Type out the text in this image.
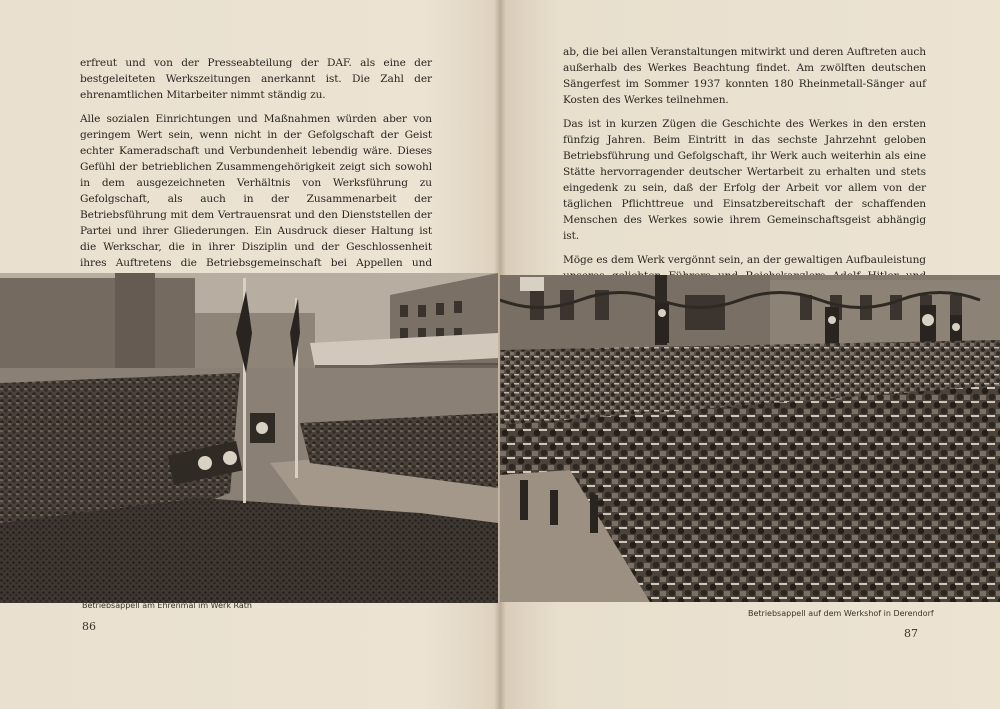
erfreut und von der Presseabteilung der DAF. als eine der bestgeleiteten Werkszeitungen anerkannt ist. Die Zahl der ehrenamtlichen Mitarbeiter nimmt ständig zu.

Alle sozialen Einrichtungen und Maßnahmen würden aber von geringem Wert sein, wenn nicht in der Gefolgschaft der Geist echter Kameradschaft und Verbundenheit lebendig wäre. Dieses Gefühl der betrieblichen Zusammengehörigkeit zeigt sich sowohl in dem ausgezeichneten Verhältnis von Werksführung zu Gefolgschaft, als auch in der Zusammenarbeit der Betriebsführung mit dem Vertrauensrat und den Dienststellen der Partei und ihrer Gliederungen. Ein Ausdruck dieser Haltung ist die Werkschar, die in ihrer Disziplin und der Geschlossenheit ihres Auftretens die Betriebsgemeinschaft bei Appellen und

ab, die bei allen Veranstaltungen mitwirkt und deren Auftreten auch außerhalb des Werkes Beachtung findet. Am zwölften deutschen Sängerfest im Sommer 1937 konnten 180 Rheinmetall-Sänger auf Kosten des Werkes teilnehmen.

Das ist in kurzen Zügen die Geschichte des Werkes in den ersten fünfzig Jahren. Beim Eintritt in das sechste Jahrzehnt geloben Betriebsführung und Gefolgschaft, ihr Werk auch weiterhin als eine Stätte hervorragender deutscher Wertarbeit zu erhalten und stets eingedenk zu sein, daß der Erfolg der Arbeit vor allem von der täglichen Pflichttreue und Einsatzbereitschaft der schaffenden Menschen des Werkes sowie ihrem Gemeinschaftsgeist abhängig ist.

Möge es dem Werk vergönnt sein, an der gewaltigen Aufbauleistung

Betriebsappell am Ehrenmal im Werk Rath
Betriebsappell auf dem Werkshof in Derendorf
86
87
